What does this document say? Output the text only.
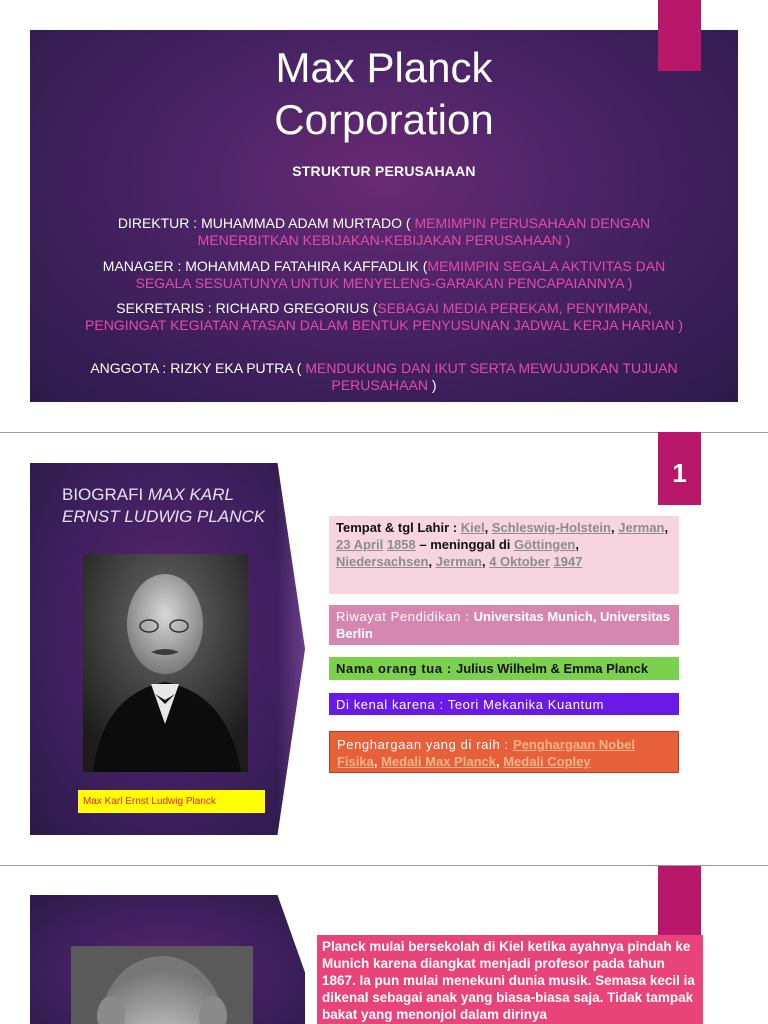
Max Planck
Corporation
STRUKTUR PERUSAHAAN
DIREKTUR : MUHAMMAD ADAM MURTADO ( MEMIMPIN PERUSAHAAN DENGAN MENERBITKAN KEBIJAKAN-KEBIJAKAN PERUSAHAAN )
MANAGER : MOHAMMAD FATAHIRA KAFFADLIK (MEMIMPIN SEGALA AKTIVITAS DAN SEGALA SESUATUNYA UNTUK MENYELENG-GARAKAN PENCAPAIANNYA )
SEKRETARIS : RICHARD GREGORIUS (SEBAGAI MEDIA PEREKAM, PENYIMPAN, PENGINGAT KEGIATAN ATASAN DALAM BENTUK PENYUSUNAN JADWAL KERJA HARIAN )
ANGGOTA : RIZKY EKA PUTRA ( MENDUKUNG DAN IKUT SERTA MEWUJUDKAN TUJUAN PERUSAHAAN )
BIOGRAFI MAX KARL ERNST LUDWIG PLANCK
Max Karl Ernst Ludwig Planck
1
Tempat & tgl Lahir : Kiel, Schleswig-Holstein, Jerman, 23 April 1858 – meninggal di Göttingen, Niedersachsen, Jerman, 4 Oktober 1947
Riwayat Pendidikan : Universitas Munich, Universitas Berlin
Nama orang tua : Julius Wilhelm & Emma Planck
Di kenal karena : Teori Mekanika Kuantum
Penghargaan yang di raih : Penghargaan Nobel Fisika, Medali Max Planck, Medali Copley
Planck mulai bersekolah di Kiel ketika ayahnya pindah ke Munich karena diangkat menjadi profesor pada tahun 1867. Ia pun mulai menekuni dunia musik. Semasa kecil ia dikenal sebagai anak yang biasa-biasa saja. Tidak tampak bakat yang menonjol dalam dirinya
